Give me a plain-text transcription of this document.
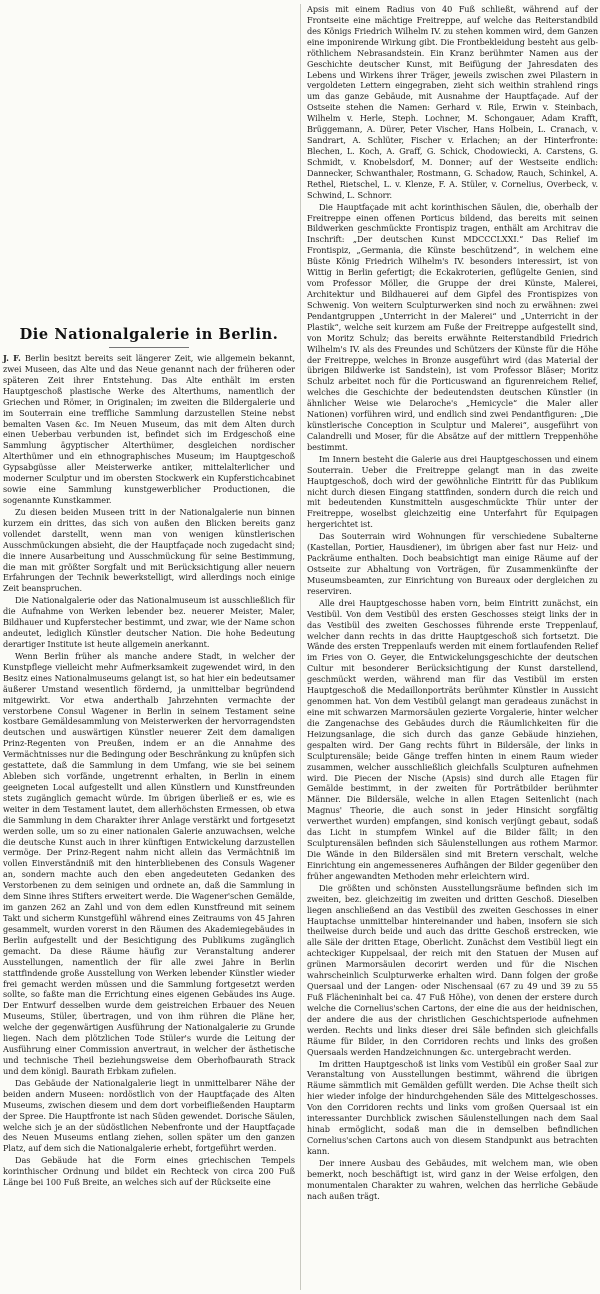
Die Nationalgalerie in Berlin.

J. F. Berlin besitzt bereits seit längerer Zeit, wie allgemein bekannt, zwei Museen, das Alte und das Neue genannt nach der früheren oder späteren Zeit ihrer Entstehung. Das Alte enthält im ersten Hauptgeschoß plastische Werke des Alterthums, namentlich der Griechen und Römer, in Originalen; im zweiten die Bildergalerie und im Souterrain eine treffliche Sammlung darzustellen Steine nebst bemalten Vasen &c. Im Neuen Museum, das mit dem Alten durch einen Ueberbau verbunden ist, befindet sich im Erdgeschoß eine Sammlung ägyptischer Alterthümer, desgleichen nordischer Alterthümer und ein ethnographisches Museum; im Hauptgeschoß Gypsabgüsse aller Meisterwerke antiker, mittelalterlicher und moderner Sculptur und im obersten Stockwerk ein Kupferstichcabinet sowie eine Sammlung kunstgewerblicher Productionen, die sogenannte Kunstkammer.

Zu diesen beiden Museen tritt in der Nationalgalerie nun binnen kurzem ein drittes, das sich von außen den Blicken bereits ganz vollendet darstellt, wenn man von wenigen künstlerischen Ausschmückungen absieht, die der Hauptfaçade noch zugedacht sind; die innere Ausarbeitung und Ausschmückung für seine Bestimmung, die man mit größter Sorgfalt und mit Berücksichtigung aller neuern Erfahrungen der Technik bewerkstelligt, wird allerdings noch einige Zeit beanspruchen.

Die Nationalgalerie oder das Nationalmuseum ist ausschließlich für die Aufnahme von Werken lebender bez. neuerer Meister, Maler, Bildhauer und Kupferstecher bestimmt, und zwar, wie der Name schon andeutet, lediglich Künstler deutscher Nation. Die hohe Bedeutung derartiger Institute ist heute allgemein anerkannt.

Wenn Berlin früher als manche andere Stadt, in welcher der Kunstpflege vielleicht mehr Aufmerksamkeit zugewendet wird, in den Besitz eines Nationalmuseums gelangt ist, so hat hier ein bedeutsamer äußerer Umstand wesentlich fördernd, ja unmittelbar begründend mitgewirkt. Vor etwa anderthalb Jahrzehnten vermachte der verstorbene Consul Wagener in Berlin in seinem Testament seine kostbare Gemäldesammlung von Meisterwerken der hervorragendsten deutschen und auswärtigen Künstler neuerer Zeit dem damaligen Prinz-Regenten von Preußen, indem er an die Annahme des Vermächtnisses nur die Bedingung oder Beschränkung zu knüpfen sich gestattete, daß die Sammlung in dem Umfang, wie sie bei seinem Ableben sich vorfände, ungetrennt erhalten, in Berlin in einem geeigneten Local aufgestellt und allen Künstlern und Kunstfreunden stets zugänglich gemacht würde. Im übrigen überließ er es, wie es weiter in dem Testament lautet, dem allerhöchsten Ermessen, ob etwa die Sammlung in dem Charakter ihrer Anlage verstärkt und fortgesetzt werden solle, um so zu einer nationalen Galerie anzuwachsen, welche die deutsche Kunst auch in ihrer künftigen Entwickelung darzustellen vermöge. Der Prinz-Regent nahm nicht allein das Vermächtniß im vollen Einverständniß mit den hinterbliebenen des Consuls Wagener an, sondern machte auch den eben angedeuteten Gedanken des Verstorbenen zu dem seinigen und ordnete an, daß die Sammlung in dem Sinne ihres Stifters erweitert werde. Die Wagener'schen Gemälde, im ganzen 262 an Zahl und von dem edlen Kunstfreund mit seinem Takt und sicherm Kunstgefühl während eines Zeitraums von 45 Jahren gesammelt, wurden vorerst in den Räumen des Akademiegebäudes in Berlin aufgestellt und der Besichtigung des Publikums zugänglich gemacht. Da diese Räume häufig zur Veranstaltung anderer Ausstellungen, namentlich der für alle zwei Jahre in Berlin stattfindende große Ausstellung von Werken lebender Künstler wieder frei gemacht werden müssen und die Sammlung fortgesetzt werden sollte, so faßte man die Errichtung eines eigenen Gebäudes ins Auge. Der Entwurf desselben wurde dem geistreichen Erbauer des Neuen Museums, Stüler, übertragen, und von ihm rühren die Pläne her, welche der gegenwärtigen Ausführung der Nationalgalerie zu Grunde liegen. Nach dem plötzlichen Tode Stüler's wurde die Leitung der Ausführung einer Commission anvertraut, in welcher der ästhetische und technische Theil beziehungsweise dem Oberhofbaurath Strack und dem königl. Baurath Erbkam zufielen.

Das Gebäude der Nationalgalerie liegt in unmittelbarer Nähe der beiden andern Museen: nordöstlich von der Hauptfaçade des Alten Museums, zwischen diesem und dem dort vorbeifließenden Hauptarm der Spree. Die Hauptfronte ist nach Süden gewendet. Dorische Säulen, welche sich je an der südöstlichen Nebenfronte und der Hauptfaçade des Neuen Museums entlang ziehen, sollen später um den ganzen Platz, auf dem sich die Nationalgalerie erhebt, fortgeführt werden.

Das Gebäude hat die Form eines griechischen Tempels korinthischer Ordnung und bildet ein Rechteck von circa 200 Fuß Länge bei 100 Fuß Breite, an welches sich auf der Rückseite eine

Apsis mit einem Radius von 40 Fuß schließt, während auf der Frontseite eine mächtige Freitreppe, auf welche das Reiterstandbild des Königs Friedrich Wilhelm IV. zu stehen kommen wird, dem Ganzen eine imponirende Wirkung gibt. Die Frontbekleidung besteht aus gelb-röthlichem Nebrasandstein. Ein Kranz berühmter Namen aus der Geschichte deutscher Kunst, mit Beifügung der Jahresdaten des Lebens und Wirkens ihrer Träger, jeweils zwischen zwei Pilastern in vergoldeten Lettern eingegraben, zieht sich weithin strahlend rings um das ganze Gebäude, mit Ausnahme der Hauptfaçade. Auf der Ostseite stehen die Namen: Gerhard v. Rile, Erwin v. Steinbach, Wilhelm v. Herle, Steph. Lochner, M. Schongauer, Adam Krafft, Brüggemann, A. Dürer, Peter Vischer, Hans Holbein, L. Cranach, v. Sandrart, A. Schlüter, Fischer v. Erlachen; an der Hinterfronte: Blechen, L. Koch, A. Graff, G. Schick, Chodowiecki, A. Carstens, G. Schmidt, v. Knobelsdorf, M. Donner; auf der Westseite endlich: Dannecker, Schwanthaler, Rostmann, G. Schadow, Rauch, Schinkel, A. Rethel, Rietschel, L. v. Klenze, F. A. Stüler, v. Cornelius, Overbeck, v. Schwind, L. Schnorr.

Die Hauptfaçade mit acht korinthischen Säulen, die, oberhalb der Freitreppe einen offenen Porticus bildend, das bereits mit seinen Bildwerken geschmückte Frontispiz tragen, enthält am Architrav die Inschrift: „Der deutschen Kunst MDCCCLXXI.“ Das Relief im Frontispiz, „Germania, die Künste beschützend“, in welchem eine Büste König Friedrich Wilhelm's IV. besonders interessirt, ist von Wittig in Berlin gefertigt; die Eckakroterien, geflügelte Genien, sind vom Professor Möller, die Gruppe der drei Künste, Malerei, Architektur und Bildhauerei auf dem Gipfel des Frontispizes von Schwenig. Von weitern Sculpturwerken sind noch zu erwähnen: zwei Pendantgruppen „Unterricht in der Malerei“ und „Unterricht in der Plastik“, welche seit kurzem am Fuße der Freitreppe aufgestellt sind, von Moritz Schulz; das bereits erwähnte Reiterstandbild Friedrich Wilhelm's IV. als des Freundes und Schützers der Künste für die Höhe der Freitreppe, welches in Bronze ausgeführt wird (das Material der übrigen Bildwerke ist Sandstein), ist vom Professor Bläser; Moritz Schulz arbeitet noch für die Porticuswand an figurenreichem Relief, welches die Geschichte der bedeutendsten deutschen Künstler (in ähnlicher Weise wie Delaroche's „Hemicycle“ die Maler aller Nationen) vorführen wird, und endlich sind zwei Pendantfiguren: „Die künstlerische Conception in Sculptur und Malerei“, ausgeführt von Calandrelli und Moser, für die Absätze auf der mittlern Treppenhöhe bestimmt.

Im Innern besteht die Galerie aus drei Hauptgeschossen und einem Souterrain. Ueber die Freitreppe gelangt man in das zweite Hauptgeschoß, doch wird der gewöhnliche Eintritt für das Publikum nicht durch diesen Eingang stattfinden, sondern durch die reich und mit bedeutenden Kunstmitteln ausgeschmückte Thür unter der Freitreppe, woselbst gleichzeitig eine Unterfahrt für Equipagen hergerichtet ist.

Das Souterrain wird Wohnungen für verschiedene Subalterne (Kastellan, Portier, Hausdiener), im übrigen aber fast nur Heiz- und Packräume enthalten. Doch beabsichtigt man einige Räume auf der Ostseite zur Abhaltung von Vorträgen, für Zusammenkünfte der Museumsbeamten, zur Einrichtung von Bureaux oder dergleichen zu reserviren.

Alle drei Hauptgeschosse haben vorn, beim Eintritt zunächst, ein Vestibül. Von dem Vestibül des ersten Geschosses steigt links der in das Vestibül des zweiten Geschosses führende erste Treppenlauf, welcher dann rechts in das dritte Hauptgeschoß sich fortsetzt. Die Wände des ersten Treppenlaufs werden mit einem fortlaufenden Relief im Fries von O. Geyer, die Entwickelungsgeschichte der deutschen Cultur mit besonderer Berücksichtigung der Kunst darstellend, geschmückt werden, während man für das Vestibül im ersten Hauptgeschoß die Medaillonporträts berühmter Künstler in Aussicht genommen hat. Von dem Vestibül gelangt man geradeaus zunächst in eine mit schwarzen Marmorsäulen gezierte Vorgalerie, hinter welcher die Zangenachse des Gebäudes durch die Räumlichkeiten für die Heizungsanlage, die sich durch das ganze Gebäude hinziehen, gespalten wird. Der Gang rechts führt in Bildersäle, der links in Sculpturensäle; beide Gänge treffen hinten in einem Raum wieder zusammen, welcher ausschließlich gleichfalls Sculpturen aufnehmen wird. Die Piecen der Nische (Apsis) sind durch alle Etagen für Gemälde bestimmt, in der zweiten für Porträtbilder berühmter Männer. Die Bildersäle, welche in allen Etagen Seitenlicht (nach Magnus' Theorie, die auch sonst in jeder Hinsicht sorgfältig verwerthet wurden) empfangen, sind konisch verjüngt gebaut, sodaß das Licht in stumpfem Winkel auf die Bilder fällt; in den Sculpturensälen befinden sich Säulenstellungen aus rothem Marmor. Die Wände in den Bildersälen sind mit Bretern verschalt, welche Einrichtung ein angemesseneres Aufhängen der Bilder gegenüber den früher angewandten Methoden mehr erleichtern wird.

Die größten und schönsten Ausstellungsräume befinden sich im zweiten, bez. gleichzeitig im zweiten und dritten Geschoß. Dieselben liegen anschließend an das Vestibül des zweiten Geschosses in einer Hauptachse unmittelbar hintereinander und haben, insofern sie sich theilweise durch beide und auch das dritte Geschoß erstrecken, wie alle Säle der dritten Etage, Oberlicht. Zunächst dem Vestibül liegt ein achteckiger Kuppelsaal, der reich mit den Statuen der Musen auf grünen Marmorsäulen decorirt werden und für die Nischen wahrscheinlich Sculpturwerke erhalten wird. Dann folgen der große Quersaal und der Langen- oder Nischensaal (67 zu 49 und 39 zu 55 Fuß Flächeninhalt bei ca. 47 Fuß Höhe), von denen der erstere durch welche die Cornelius'schen Cartons, der eine die aus der heidnischen, der andere die aus der christlichen Geschichtsperiode aufnehmen werden. Rechts und links dieser drei Säle befinden sich gleichfalls Räume für Bilder, in den Corridoren rechts und links des großen Quersaals werden Handzeichnungen &c. untergebracht werden.

Im dritten Hauptgeschoß ist links vom Vestibül ein großer Saal zur Veranstaltung von Ausstellungen bestimmt, während die übrigen Räume sämmtlich mit Gemälden gefüllt werden. Die Achse theilt sich hier wieder infolge der hindurchgehenden Säle des Mittelgeschosses. Von den Corridoren rechts und links vom großen Quersaal ist ein interessanter Durchblick zwischen Säulenstellungen nach dem Saal hinab ermöglicht, sodaß man die in demselben befindlichen Cornelius'schen Cartons auch von diesem Standpunkt aus betrachten kann.

Der innere Ausbau des Gebäudes, mit welchem man, wie oben bemerkt, noch beschäftigt ist, wird ganz in der Weise erfolgen, den monumentalen Charakter zu wahren, welchen das herrliche Gebäude nach außen trägt.
